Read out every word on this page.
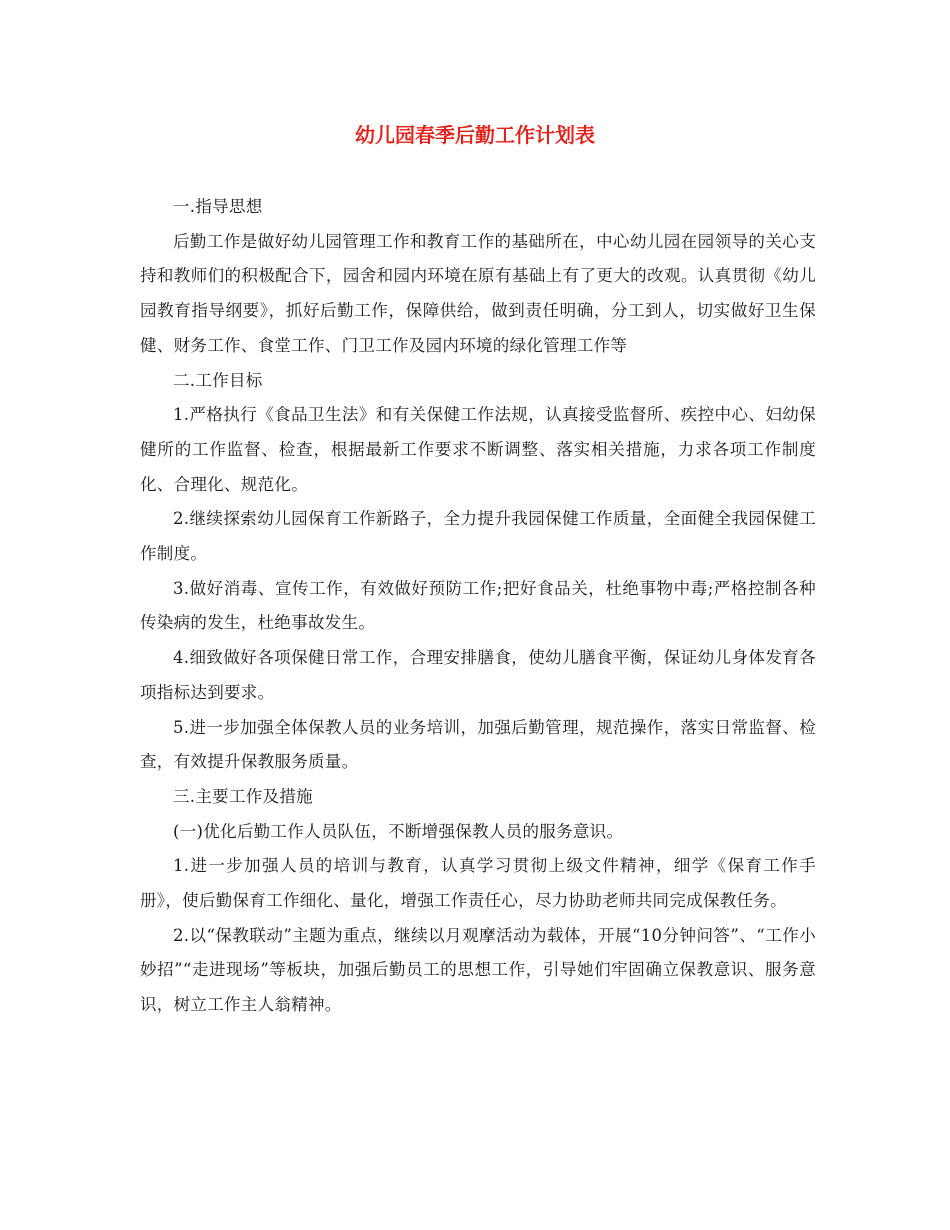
幼儿园春季后勤工作计划表

一.指导思想

后勤工作是做好幼儿园管理工作和教育工作的基础所在，中心幼儿园在园领导的关心支持和教师们的积极配合下，园舍和园内环境在原有基础上有了更大的改观。认真贯彻《幼儿园教育指导纲要》，抓好后勤工作，保障供给，做到责任明确，分工到人，切实做好卫生保健、财务工作、食堂工作、门卫工作及园内环境的绿化管理工作等

二.工作目标

1.严格执行《食品卫生法》和有关保健工作法规，认真接受监督所、疾控中心、妇幼保健所的工作监督、检查，根据最新工作要求不断调整、落实相关措施，力求各项工作制度化、合理化、规范化。

2.继续探索幼儿园保育工作新路子，全力提升我园保健工作质量，全面健全我园保健工作制度。

3.做好消毒、宣传工作，有效做好预防工作;把好食品关，杜绝事物中毒;严格控制各种传染病的发生，杜绝事故发生。

4.细致做好各项保健日常工作，合理安排膳食，使幼儿膳食平衡，保证幼儿身体发育各项指标达到要求。

5.进一步加强全体保教人员的业务培训，加强后勤管理，规范操作，落实日常监督、检查，有效提升保教服务质量。

三.主要工作及措施

(一)优化后勤工作人员队伍，不断增强保教人员的服务意识。

1.进一步加强人员的培训与教育，认真学习贯彻上级文件精神，细学《保育工作手册》，使后勤保育工作细化、量化，增强工作责任心，尽力协助老师共同完成保教任务。

2.以“保教联动”主题为重点，继续以月观摩活动为载体，开展“10分钟问答”、“工作小妙招”“走进现场”等板块，加强后勤员工的思想工作，引导她们牢固确立保教意识、服务意识，树立工作主人翁精神。
